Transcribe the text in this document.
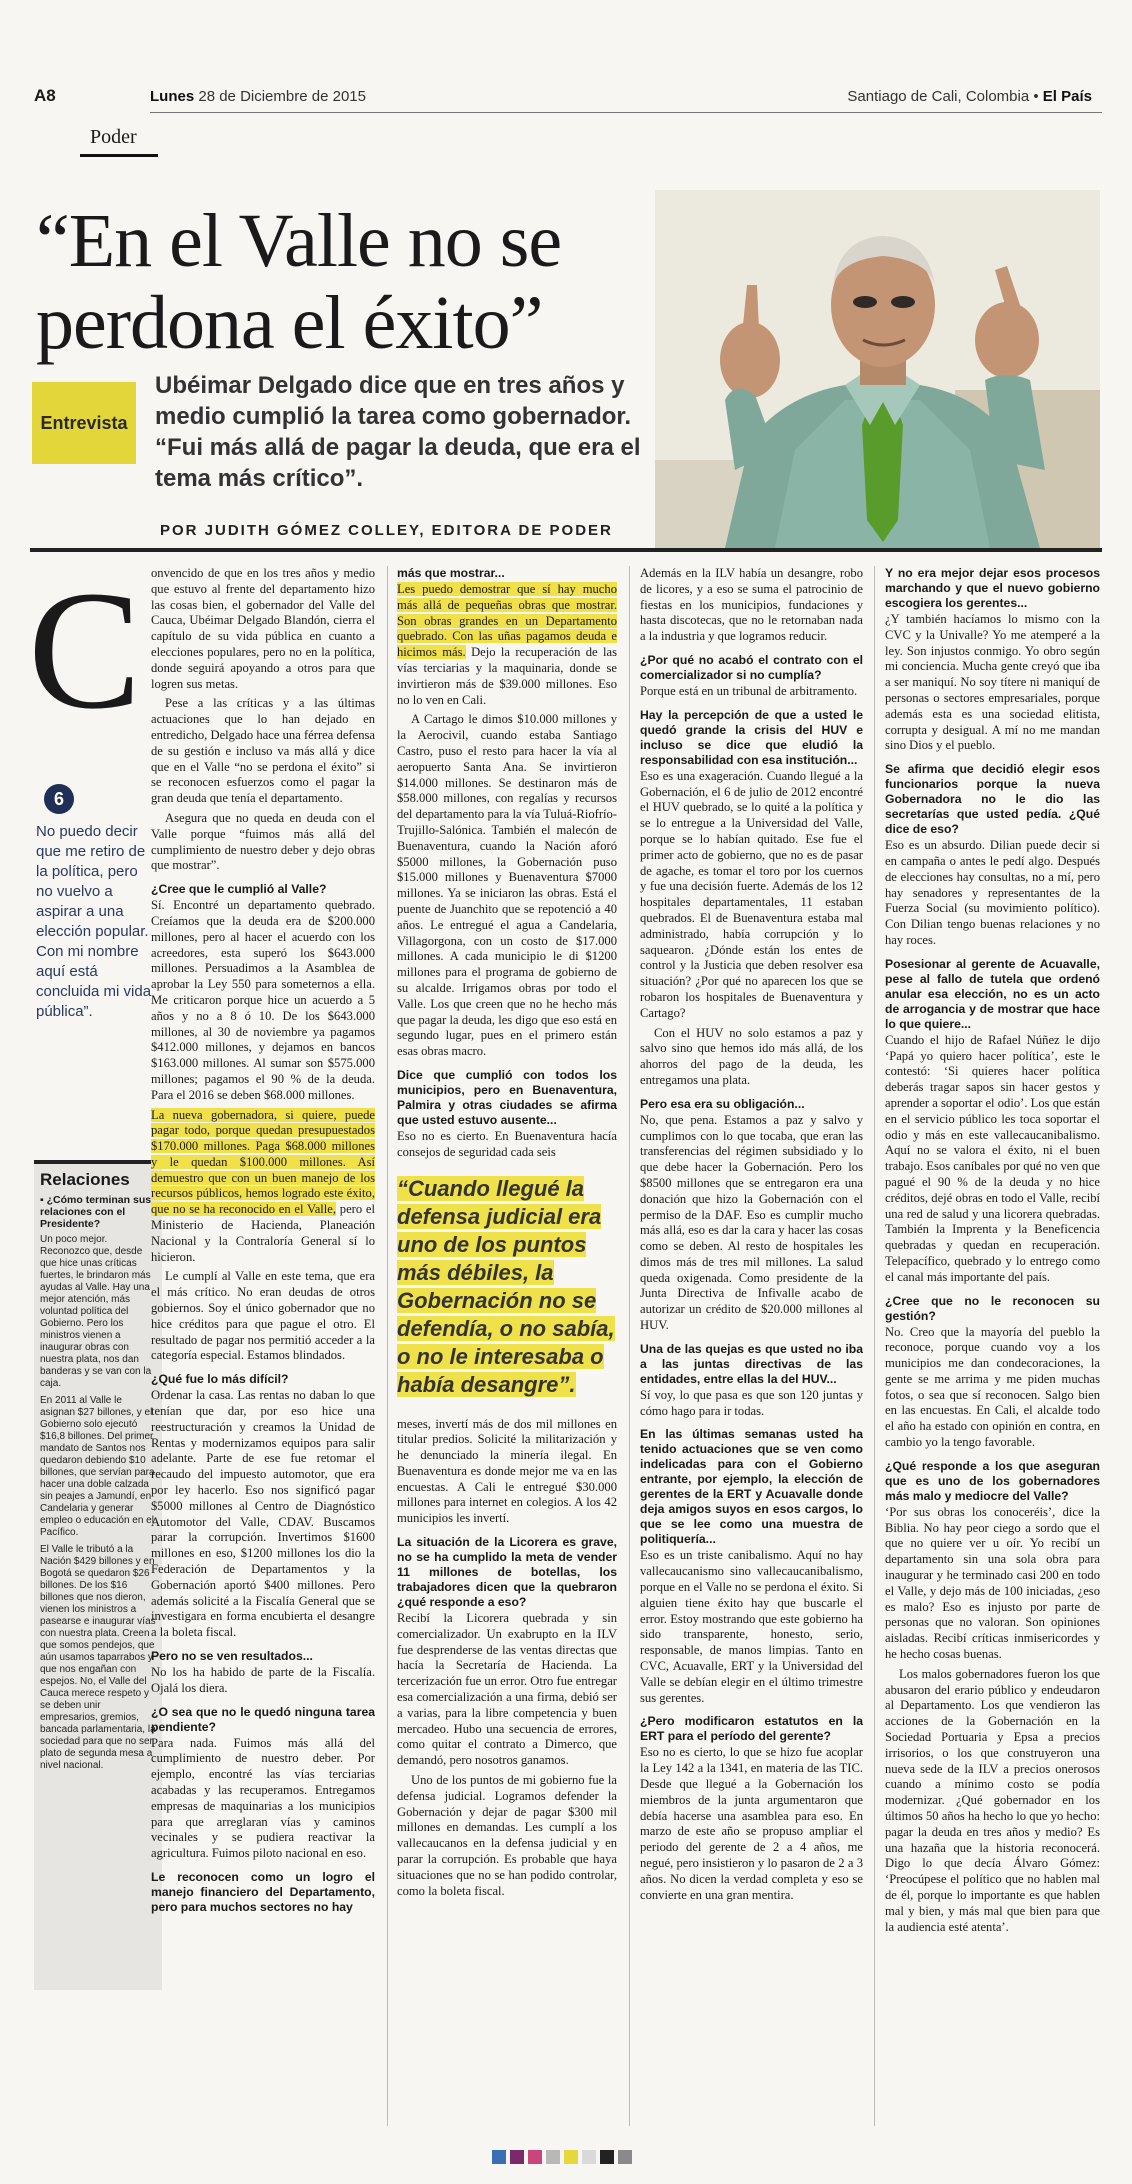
A8	Lunes 28 de Diciembre de 2015	Santiago de Cali, Colombia • El País
Poder
“En el Valle no se perdona el éxito”
Entrevista
Ubéimar Delgado dice que en tres años y medio cumplió la tarea como gobernador. “Fui más allá de pagar la deuda, que era el tema más crítico”.
POR JUDITH GÓMEZ COLLEY, EDITORA DE PODER
C
6
No puedo decir que me retiro de la política, pero no vuelvo a aspirar a una elección popular. Con mi nombre aquí está concluida mi vida pública”.
Relaciones
▪ ¿Cómo terminan sus relaciones con el Presidente?

Un poco mejor. Reconozco que, desde que hice unas críticas fuertes, le brindaron más ayudas al Valle. Hay una mejor atención, más voluntad política del Gobierno. Pero los ministros vienen a inaugurar obras con nuestra plata, nos dan banderas y se van con la caja.

En 2011 al Valle le asignan $27 billones, y el Gobierno solo ejecutó $16,8 billones. Del primer mandato de Santos nos quedaron debiendo $10 billones, que servían para hacer una doble calzada sin peajes a Jamundí, en Candelaria y generar empleo o educación en el Pacífico.

El Valle le tributó a la Nación $429 billones y en Bogotá se quedaron $26 billones. De los $16 billones que nos dieron, vienen los ministros a pasearse e inaugurar vías con nuestra plata. Creen que somos pendejos, que aún usamos taparrabos y que nos engañan con espejos. No, el Valle del Cauca merece respeto y se deben unir empresarios, gremios, bancada parlamentaria, la sociedad para que no ser plato de segunda mesa a nivel nacional.

onvencido de que en los tres años y medio que estuvo al frente del departamento hizo las cosas bien, el gobernador del Valle del Cauca, Ubéimar Delgado Blandón, cierra el capítulo de su vida pública en cuanto a elecciones populares, pero no en la política, donde seguirá apoyando a otros para que logren sus metas.

Pese a las críticas y a las últimas actuaciones que lo han dejado en entredicho, Delgado hace una férrea defensa de su gestión e incluso va más allá y dice que en el Valle “no se perdona el éxito” si se reconocen esfuerzos como el pagar la gran deuda que tenía el departamento.

Asegura que no queda en deuda con el Valle porque “fuimos más allá del cumplimiento de nuestro deber y dejo obras que mostrar”.

¿Cree que le cumplió al Valle?

Sí. Encontré un departamento quebrado. Creíamos que la deuda era de $200.000 millones, pero al hacer el acuerdo con los acreedores, esta superó los $643.000 millones. Persuadimos a la Asamblea de aprobar la Ley 550 para someternos a ella. Me criticaron porque hice un acuerdo a 5 años y no a 8 ó 10. De los $643.000 millones, al 30 de noviembre ya pagamos $412.000 millones, y dejamos en bancos $163.000 millones. Al sumar son $575.000 millones; pagamos el 90 % de la deuda. Para el 2016 se deben $68.000 millones.

La nueva gobernadora, si quiere, puede pagar todo, porque quedan presupuestados $170.000 millones. Paga $68.000 millones y le quedan $100.000 millones. Así demuestro que con un buen manejo de los recursos públicos, hemos logrado este éxito, que no se ha reconocido en el Valle, pero el Ministerio de Hacienda, Planeación Nacional y la Contraloría General sí lo hicieron.

Le cumplí al Valle en este tema, que era el más crítico. No eran deudas de otros gobiernos. Soy el único gobernador que no hice créditos para que pague el otro. El resultado de pagar nos permitió acceder a la categoría especial. Estamos blindados.

¿Qué fue lo más difícil?

Ordenar la casa. Las rentas no daban lo que tenían que dar, por eso hice una reestructuración y creamos la Unidad de Rentas y modernizamos equipos para salir adelante. Parte de ese fue retomar el recaudo del impuesto automotor, que era por ley hacerlo. Eso nos significó pagar $5000 millones al Centro de Diagnóstico Automotor del Valle, CDAV. Buscamos parar la corrupción. Invertimos $1600 millones en eso, $1200 millones los dio la Federación de Departamentos y la Gobernación aportó $400 millones. Pero además solicité a la Fiscalía General que se investigara en forma encubierta el desangre a la boleta fiscal.

Pero no se ven resultados...

No los ha habido de parte de la Fiscalía. Ojalá los diera.

¿O sea que no le quedó ninguna tarea pendiente?

Para nada. Fuimos más allá del cumplimiento de nuestro deber. Por ejemplo, encontré las vías terciarias acabadas y las recuperamos. Entregamos empresas de maquinarias a los municipios para que arreglaran vías y caminos vecinales y se pudiera reactivar la agricultura. Fuimos piloto nacional en eso.

Le reconocen como un logro el manejo financiero del Departamento, pero para muchos sectores no hay
más que mostrar...

Les puedo demostrar que sí hay mucho más allá de pequeñas obras que mostrar. Son obras grandes en un Departamento quebrado. Con las uñas pagamos deuda e hicimos más. Dejo la recuperación de las vías terciarias y la maquinaria, donde se invirtieron más de $39.000 millones. Eso no lo ven en Cali.

A Cartago le dimos $10.000 millones y la Aerocivil, cuando estaba Santiago Castro, puso el resto para hacer la vía al aeropuerto Santa Ana. Se invirtieron $14.000 millones. Se destinaron más de $58.000 millones, con regalías y recursos del departamento para la vía Tuluá-Riofrío-Trujillo-Salónica. También el malecón de Buenaventura, cuando la Nación aforó $5000 millones, la Gobernación puso $15.000 millones y Buenaventura $7000 millones. Ya se iniciaron las obras. Está el puente de Juanchito que se repotenció a 40 años. Le entregué el agua a Candelaria, Villagorgona, con un costo de $17.000 millones. A cada municipio le di $1200 millones para el programa de gobierno de su alcalde. Irrigamos obras por todo el Valle. Los que creen que no he hecho más que pagar la deuda, les digo que eso está en segundo lugar, pues en el primero están esas obras macro.

Dice que cumplió con todos los municipios, pero en Buenaventura, Palmira y otras ciudades se afirma que usted estuvo ausente...

Eso no es cierto. En Buenaventura hacía consejos de seguridad cada seis

“Cuando llegué la defensa judicial era uno de los puntos más débiles, la Gobernación no se defendía, o no sabía, o no le interesaba o había desangre”.

meses, invertí más de dos mil millones en titular predios. Solicité la militarización y he denunciado la minería ilegal. En Buenaventura es donde mejor me va en las encuestas. A Cali le entregué $30.000 millones para internet en colegios. A los 42 municipios les invertí.

La situación de la Licorera es grave, no se ha cumplido la meta de vender 11 millones de botellas, los trabajadores dicen que la quebraron ¿qué responde a eso?

Recibí la Licorera quebrada y sin comercializador. Un exabrupto en la ILV fue desprenderse de las ventas directas que hacía la Secretaría de Hacienda. La tercerización fue un error. Otro fue entregar esa comercialización a una firma, debió ser a varias, para la libre competencia y buen mercadeo. Hubo una secuencia de errores, como quitar el contrato a Dimerco, que demandó, pero nosotros ganamos.

Uno de los puntos de mi gobierno fue la defensa judicial. Logramos defender la Gobernación y dejar de pagar $300 mil millones en demandas. Les cumplí a los vallecaucanos en la defensa judicial y en parar la corrupción. Es probable que haya situaciones que no se han podido controlar, como la boleta fiscal.

Además en la ILV había un desangre, robo de licores, y a eso se suma el patrocinio de fiestas en los municipios, fundaciones y hasta discotecas, que no le retornaban nada a la industria y que logramos reducir.

¿Por qué no acabó el contrato con el comercializador si no cumplía?

Porque está en un tribunal de arbitramento.

Hay la percepción de que a usted le quedó grande la crisis del HUV e incluso se dice que eludió la responsabilidad con esa institución...

Eso es una exageración. Cuando llegué a la Gobernación, el 6 de julio de 2012 encontré el HUV quebrado, se lo quité a la política y se lo entregue a la Universidad del Valle, porque se lo habían quitado. Ese fue el primer acto de gobierno, que no es de pasar de agache, es tomar el toro por los cuernos y fue una decisión fuerte. Además de los 12 hospitales departamentales, 11 estaban quebrados. El de Buenaventura estaba mal administrado, había corrupción y lo saquearon. ¿Dónde están los entes de control y la Justicia que deben resolver esa situación? ¿Por qué no aparecen los que se robaron los hospitales de Buenaventura y Cartago?

Con el HUV no solo estamos a paz y salvo sino que hemos ido más allá, de los ahorros del pago de la deuda, les entregamos una plata.

Pero esa era su obligación...

No, que pena. Estamos a paz y salvo y cumplimos con lo que tocaba, que eran las transferencias del régimen subsidiado y lo que debe hacer la Gobernación. Pero los $8500 millones que se entregaron era una donación que hizo la Gobernación con el permiso de la DAF. Eso es cumplir mucho más allá, eso es dar la cara y hacer las cosas como se deben. Al resto de hospitales les dimos más de tres mil millones. La salud queda oxigenada. Como presidente de la Junta Directiva de Infivalle acabo de autorizar un crédito de $20.000 millones al HUV.

Una de las quejas es que usted no iba a las juntas directivas de las entidades, entre ellas la del HUV...

Sí voy, lo que pasa es que son 120 juntas y cómo hago para ir todas.

En las últimas semanas usted ha tenido actuaciones que se ven como indelicadas para con el Gobierno entrante, por ejemplo, la elección de gerentes de la ERT y Acuavalle donde deja amigos suyos en esos cargos, lo que se lee como una muestra de politiquería...

Eso es un triste canibalismo. Aquí no hay vallecaucanismo sino vallecaucanibalismo, porque en el Valle no se perdona el éxito. Si alguien tiene éxito hay que buscarle el error. Estoy mostrando que este gobierno ha sido transparente, honesto, serio, responsable, de manos limpias. Tanto en CVC, Acuavalle, ERT y la Universidad del Valle se debían elegir en el último trimestre sus gerentes.

¿Pero modificaron estatutos en la ERT para el período del gerente?

Eso no es cierto, lo que se hizo fue acoplar la Ley 142 a la 1341, en materia de las TIC. Desde que llegué a la Gobernación los miembros de la junta argumentaron que debía hacerse una asamblea para eso. En marzo de este año se propuso ampliar el periodo del gerente de 2 a 4 años, me negué, pero insistieron y lo pasaron de 2 a 3 años. No dicen la verdad completa y eso se convierte en una gran mentira.

Y no era mejor dejar esos procesos marchando y que el nuevo gobierno escogiera los gerentes...

¿Y también hacíamos lo mismo con la CVC y la Univalle? Yo me atemperé a la ley. Son injustos conmigo. Yo obro según mi conciencia. Mucha gente creyó que iba a ser maniquí. No soy títere ni maniquí de personas o sectores empresariales, porque además esta es una sociedad elitista, corrupta y desigual. A mí no me mandan sino Dios y el pueblo.

Se afirma que decidió elegir esos funcionarios porque la nueva Gobernadora no le dio las secretarías que usted pedía. ¿Qué dice de eso?

Eso es un absurdo. Dilian puede decir si en campaña o antes le pedí algo. Después de elecciones hay consultas, no a mí, pero hay senadores y representantes de la Fuerza Social (su movimiento político). Con Dilian tengo buenas relaciones y no hay roces.

Posesionar al gerente de Acuavalle, pese al fallo de tutela que ordenó anular esa elección, no es un acto de arrogancia y de mostrar que hace lo que quiere...

Cuando el hijo de Rafael Núñez le dijo ‘Papá yo quiero hacer política’, este le contestó: ‘Si quieres hacer política deberás tragar sapos sin hacer gestos y aprender a soportar el odio’. Los que están en el servicio público les toca soportar el odio y más en este vallecaucanibalismo. Aquí no se valora el éxito, ni el buen trabajo. Esos caníbales por qué no ven que pagué el 90 % de la deuda y no hice créditos, dejé obras en todo el Valle, recibí una red de salud y una licorera quebradas. También la Imprenta y la Beneficencia quebradas y quedan en recuperación. Telepacífico, quebrado y lo entrego como el canal más importante del país.

¿Cree que no le reconocen su gestión?

No. Creo que la mayoría del pueblo la reconoce, porque cuando voy a los municipios me dan condecoraciones, la gente se me arrima y me piden muchas fotos, o sea que sí reconocen. Salgo bien en las encuestas. En Cali, el alcalde todo el año ha estado con opinión en contra, en cambio yo la tengo favorable.

¿Qué responde a los que aseguran que es uno de los gobernadores más malo y mediocre del Valle?

‘Por sus obras los conoceréis’, dice la Biblia. No hay peor ciego a sordo que el que no quiere ver u oír. Yo recibí un departamento sin una sola obra para inaugurar y he terminado casi 200 en todo el Valle, y dejo más de 100 iniciadas, ¿eso es malo? Eso es injusto por parte de personas que no valoran. Son opiniones aisladas. Recibí críticas inmisericordes y he hecho cosas buenas.

Los malos gobernadores fueron los que abusaron del erario público y endeudaron al Departamento. Los que vendieron las acciones de la Gobernación en la Sociedad Portuaria y Epsa a precios irrisorios, o los que construyeron una nueva sede de la ILV a precios onerosos cuando a mínimo costo se podía modernizar. ¿Qué gobernador en los últimos 50 años ha hecho lo que yo hecho: pagar la deuda en tres años y medio? Es una hazaña que la historia reconocerá. Digo lo que decía Álvaro Gómez: ‘Preocúpese el político que no hablen mal de él, porque lo importante es que hablen mal y bien, y más mal que bien para que la audiencia esté atenta’.
